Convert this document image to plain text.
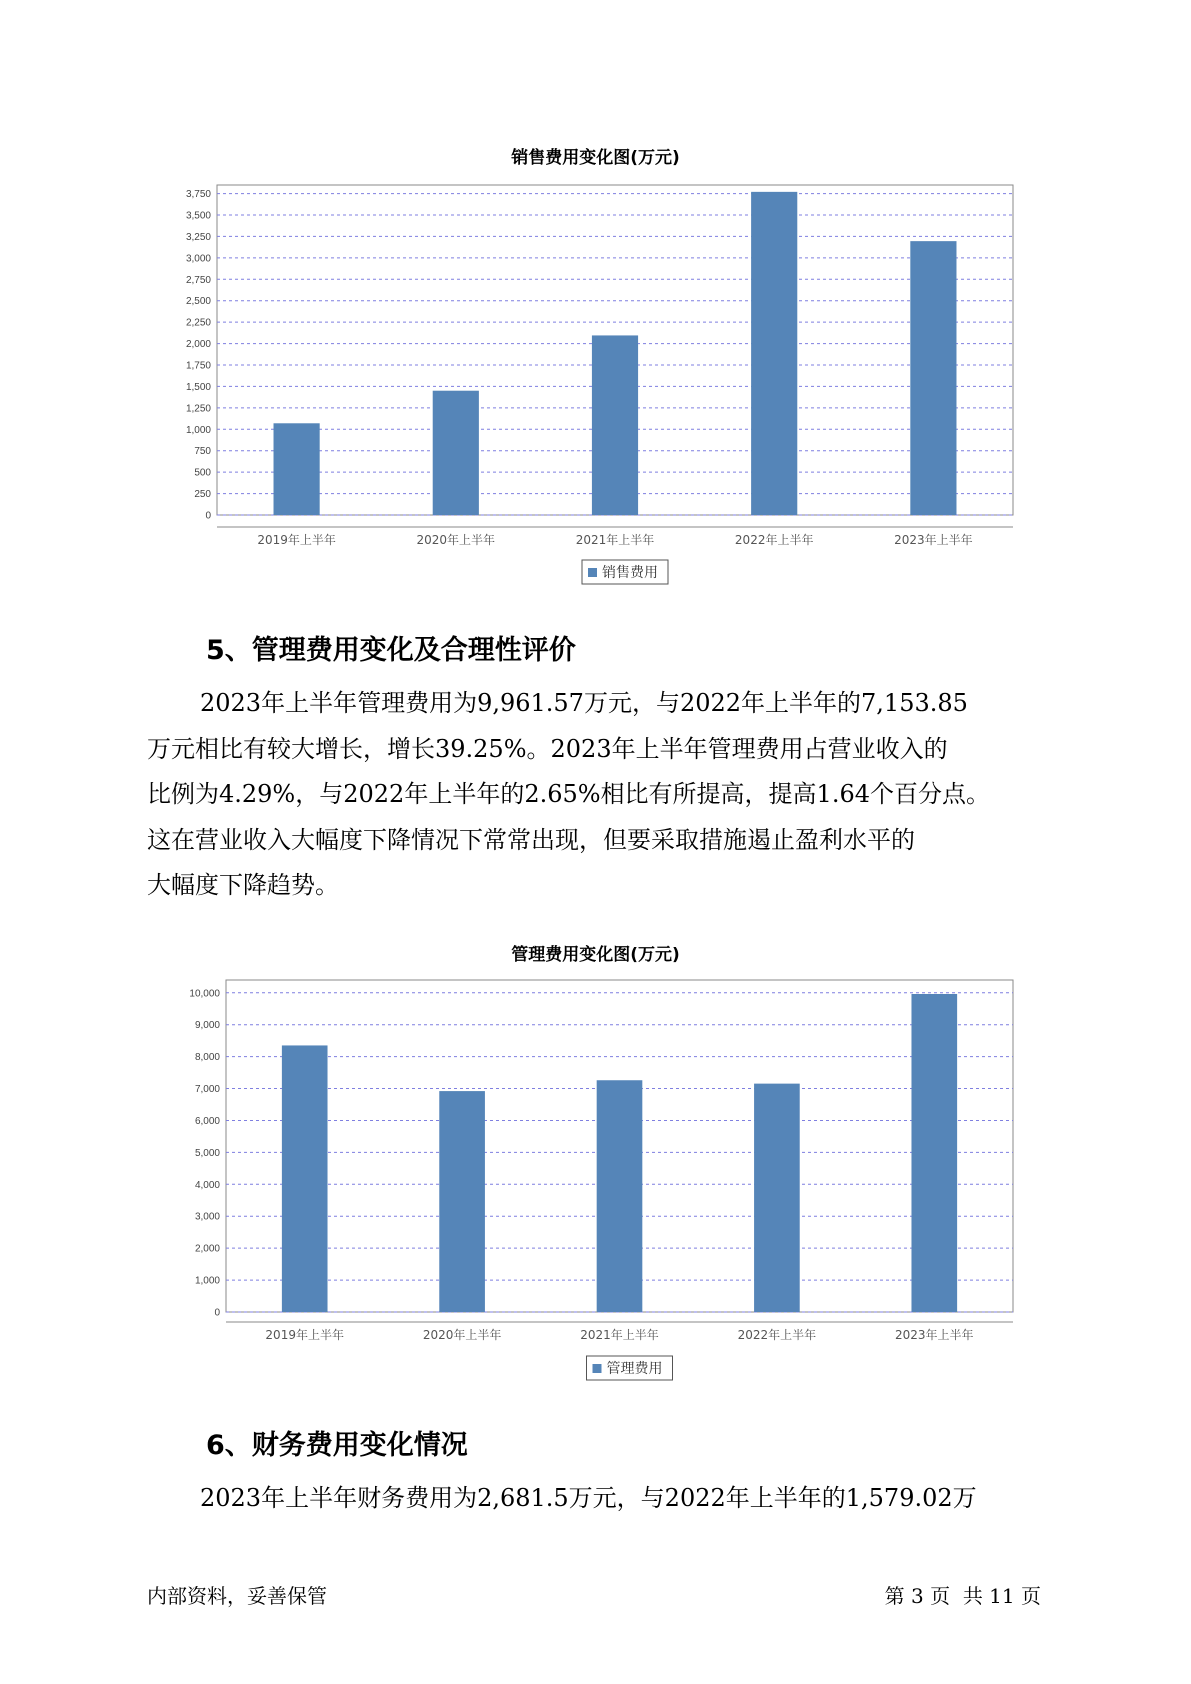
销售费用变化图(万元)
0
250
500
750
1,000
1,250
1,500
1,750
2,000
2,250
2,500
2,750
3,000
3,250
3,500
3,750
2019年上半年	2020年上半年	2021年上半年	2022年上半年	2023年上半年
销售费用
5、管理费用变化及合理性评价
2023年上半年管理费用为9,961.57万元，与2022年上半年的7,153.85
万元相比有较大增长，增长39.25%。2023年上半年管理费用占营业收入的
比例为4.29%，与2022年上半年的2.65%相比有所提高，提高1.64个百分点。
这在营业收入大幅度下降情况下常常出现，但要采取措施遏止盈利水平的
大幅度下降趋势。
管理费用变化图(万元)
0
1,000
2,000
3,000
4,000
5,000
6,000
7,000
8,000
9,000
10,000
2019年上半年	2020年上半年	2021年上半年	2022年上半年	2023年上半年
管理费用
6、财务费用变化情况
2023年上半年财务费用为2,681.5万元，与2022年上半年的1,579.02万
内部资料，妥善保管	第 3 页  共 11 页
